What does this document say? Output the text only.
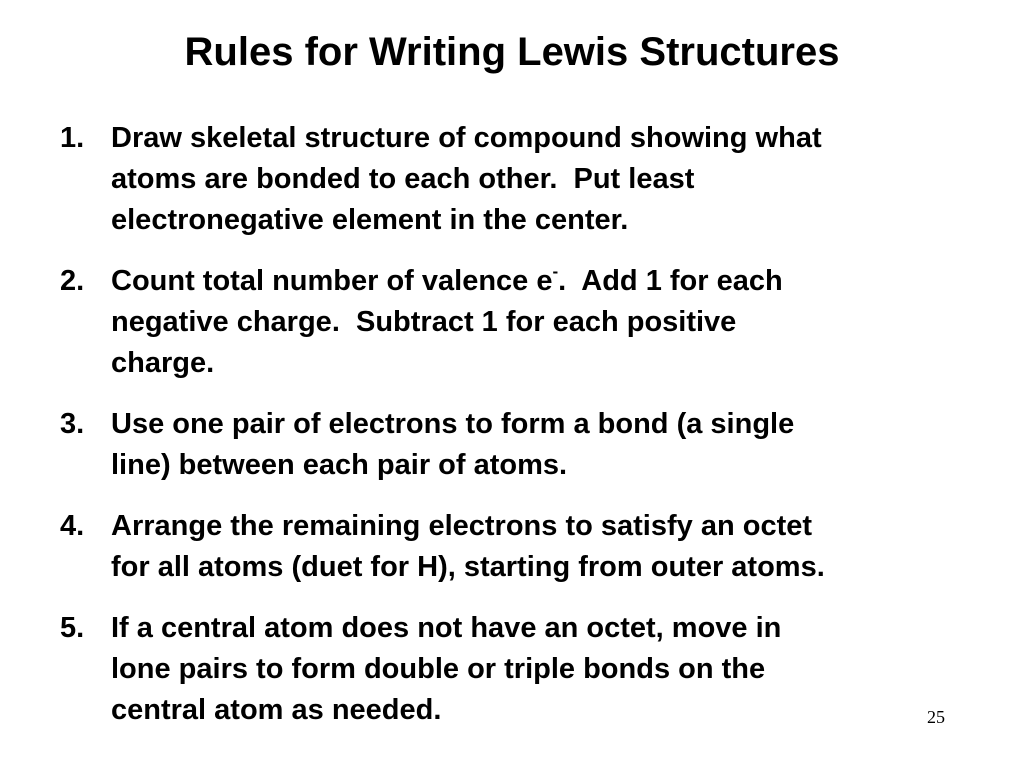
Rules for Writing Lewis Structures
1. Draw skeletal structure of compound showing what
atoms are bonded to each other.  Put least
electronegative element in the center.
2. Count total number of valence e-.  Add 1 for each
negative charge.  Subtract 1 for each positive
charge.
3. Use one pair of electrons to form a bond (a single
line) between each pair of atoms.
4. Arrange the remaining electrons to satisfy an octet
for all atoms (duet for H), starting from outer atoms.
5. If a central atom does not have an octet, move in
lone pairs to form double or triple bonds on the
central atom as needed.	25
